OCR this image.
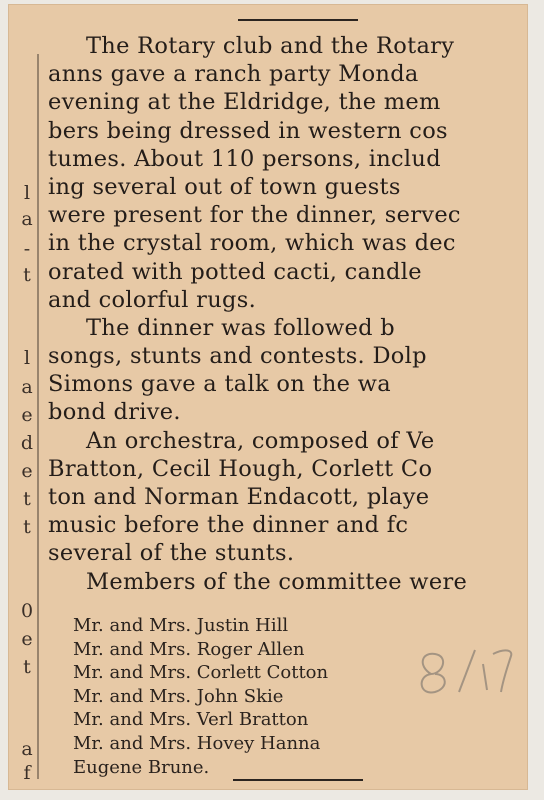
l
a
-
t
l
a
e
d
e
t
t
0
e
t
a
f
The Rotary club and the Rotary
anns gave a ranch party Monda
evening at the Eldridge, the mem
bers being dressed in western cos
tumes. About 110 persons, includ
ing several out of town guests
were present for the dinner, servec
in the crystal room, which was dec
orated with potted cacti, candle
and colorful rugs.
The dinner was followed b
songs, stunts and contests. Dolp
Simons gave a talk on the wa
bond drive.
An orchestra, composed of Ve
Bratton, Cecil Hough, Corlett Co
ton and Norman Endacott, playe
music before the dinner and fc
several of the stunts.
Members of the committee were
Mr. and Mrs. Justin Hill
Mr. and Mrs. Roger Allen
Mr. and Mrs. Corlett Cotton
Mr. and Mrs. John Skie
Mr. and Mrs. Verl Bratton
Mr. and Mrs. Hovey Hanna
Eugene Brune.
